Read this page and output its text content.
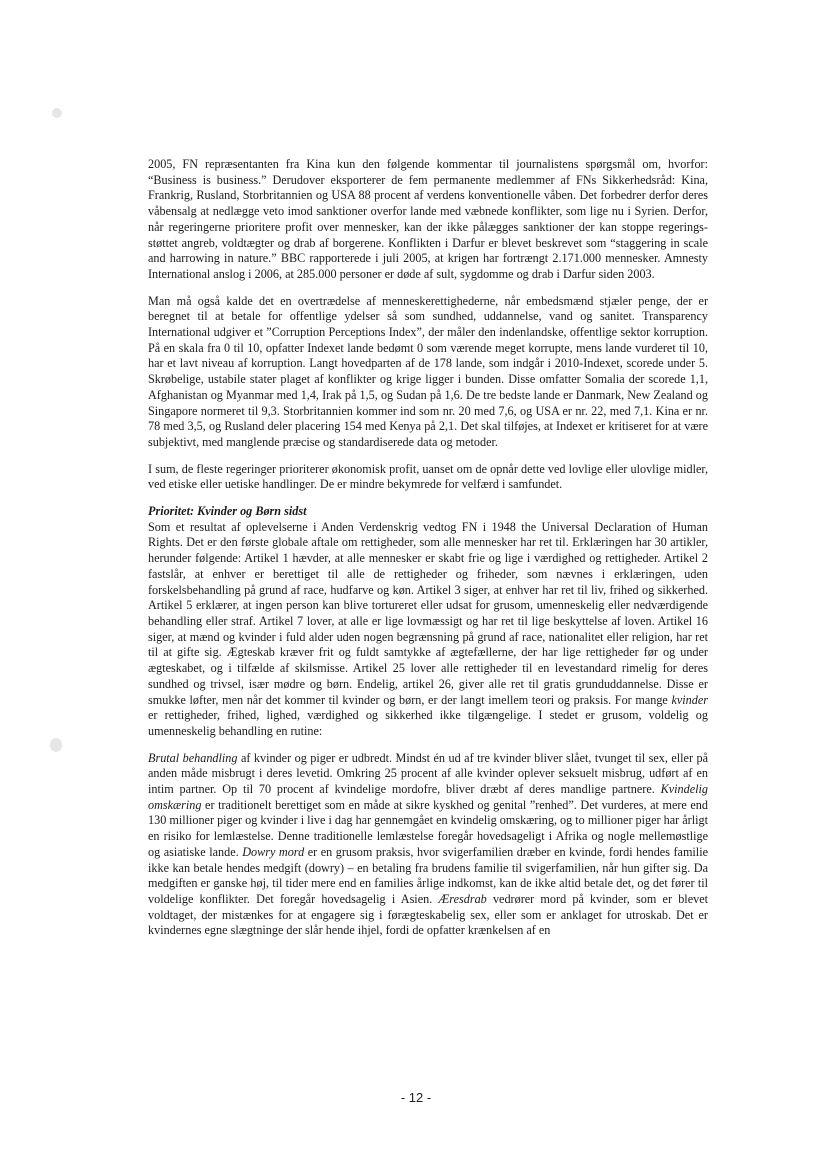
2005, FN repræsentanten fra Kina kun den følgende kommentar til journalistens spørgsmål om, hvorfor: “Business is business.” Derudover eksporterer de fem permanente medlemmer af FNs Sikkerhedsråd: Kina, Frankrig, Rusland, Storbritannien og USA 88 procent af verdens konventionelle våben. Det forbedrer derfor deres våbensalg at nedlægge veto imod sanktioner overfor lande med væbnede konflikter, som lige nu i Syrien. Derfor, når regeringerne prioritere profit over mennesker, kan der ikke pålægges sanktioner der kan stoppe regerings-støttet angreb, voldtægter og drab af borgerene. Konflikten i Darfur er blevet beskrevet som “staggering in scale and harrowing in nature.” BBC rapporterede i juli 2005, at krigen har fortrængt 2.171.000 mennesker. Amnesty International anslog i 2006, at 285.000 personer er døde af sult, sygdomme og drab i Darfur siden 2003.

Man må også kalde det en overtrædelse af menneskerettighederne, når embedsmænd stjæler penge, der er beregnet til at betale for offentlige ydelser så som sundhed, uddannelse, vand og sanitet. Transparency International udgiver et ”Corruption Perceptions Index”, der måler den indenlandske, offentlige sektor korruption. På en skala fra 0 til 10, opfatter Indexet lande bedømt 0 som værende meget korrupte, mens lande vurderet til 10, har et lavt niveau af korruption. Langt hovedparten af de 178 lande, som indgår i 2010-Indexet, scorede under 5. Skrøbelige, ustabile stater plaget af konflikter og krige ligger i bunden. Disse omfatter Somalia der scorede 1,1, Afghanistan og Myanmar med 1,4, Irak på 1,5, og Sudan på 1,6. De tre bedste lande er Danmark, New Zealand og Singapore normeret til 9,3. Storbritannien kommer ind som nr. 20 med 7,6, og USA er nr. 22, med 7,1. Kina er nr. 78 med 3,5, og Rusland deler placering 154 med Kenya på 2,1. Det skal tilføjes, at Indexet er kritiseret for at være subjektivt, med manglende præcise og standardiserede data og metoder.

I sum, de fleste regeringer prioriterer økonomisk profit, uanset om de opnår dette ved lovlige eller ulovlige midler, ved etiske eller uetiske handlinger. De er mindre bekymrede for velfærd i samfundet.

Prioritet: Kvinder og Børn sidst

Som et resultat af oplevelserne i Anden Verdenskrig vedtog FN i 1948 the Universal Declaration of Human Rights. Det er den første globale aftale om rettigheder, som alle mennesker har ret til. Erklæringen har 30 artikler, herunder følgende: Artikel 1 hævder, at alle mennesker er skabt frie og lige i værdighed og rettigheder. Artikel 2 fastslår, at enhver er berettiget til alle de rettigheder og friheder, som nævnes i erklæringen, uden forskelsbehandling på grund af race, hudfarve og køn. Artikel 3 siger, at enhver har ret til liv, frihed og sikkerhed. Artikel 5 erklærer, at ingen person kan blive tortureret eller udsat for grusom, umenneskelig eller nedværdigende behandling eller straf. Artikel 7 lover, at alle er lige lovmæssigt og har ret til lige beskyttelse af loven. Artikel 16 siger, at mænd og kvinder i fuld alder uden nogen begrænsning på grund af race, nationalitet eller religion, har ret til at gifte sig. Ægteskab kræver frit og fuldt samtykke af ægtefællerne, der har lige rettigheder før og under ægteskabet, og i tilfælde af skilsmisse. Artikel 25 lover alle rettigheder til en levestandard rimelig for deres sundhed og trivsel, især mødre og børn. Endelig, artikel 26, giver alle ret til gratis grunduddannelse. Disse er smukke løfter, men når det kommer til kvinder og børn, er der langt imellem teori og praksis. For mange kvinder er rettigheder, frihed, lighed, værdighed og sikkerhed ikke tilgængelige. I stedet er grusom, voldelig og umenneskelig behandling en rutine:

Brutal behandling af kvinder og piger er udbredt. Mindst én ud af tre kvinder bliver slået, tvunget til sex, eller på anden måde misbrugt i deres levetid. Omkring 25 procent af alle kvinder oplever seksuelt misbrug, udført af en intim partner. Op til 70 procent af kvindelige mordofre, bliver dræbt af deres mandlige partnere. Kvindelig omskæring er traditionelt berettiget som en måde at sikre kyskhed og genital ”renhed”. Det vurderes, at mere end 130 millioner piger og kvinder i live i dag har gennemgået en kvindelig omskæring, og to millioner piger har årligt en risiko for lemlæstelse. Denne traditionelle lemlæstelse foregår hovedsageligt i Afrika og nogle mellemøstlige og asiatiske lande. Dowry mord er en grusom praksis, hvor svigerfamilien dræber en kvinde, fordi hendes familie ikke kan betale hendes medgift (dowry) – en betaling fra brudens familie til svigerfamilien, når hun gifter sig. Da medgiften er ganske høj, til tider mere end en families årlige indkomst, kan de ikke altid betale det, og det fører til voldelige konflikter. Det foregår hovedsagelig i Asien. Æresdrab vedrører mord på kvinder, som er blevet voldtaget, der mistænkes for at engagere sig i førægteskabelig sex, eller som er anklaget for utroskab. Det er kvindernes egne slægtninge der slår hende ihjel, fordi de opfatter krænkelsen af en

- 12 -
